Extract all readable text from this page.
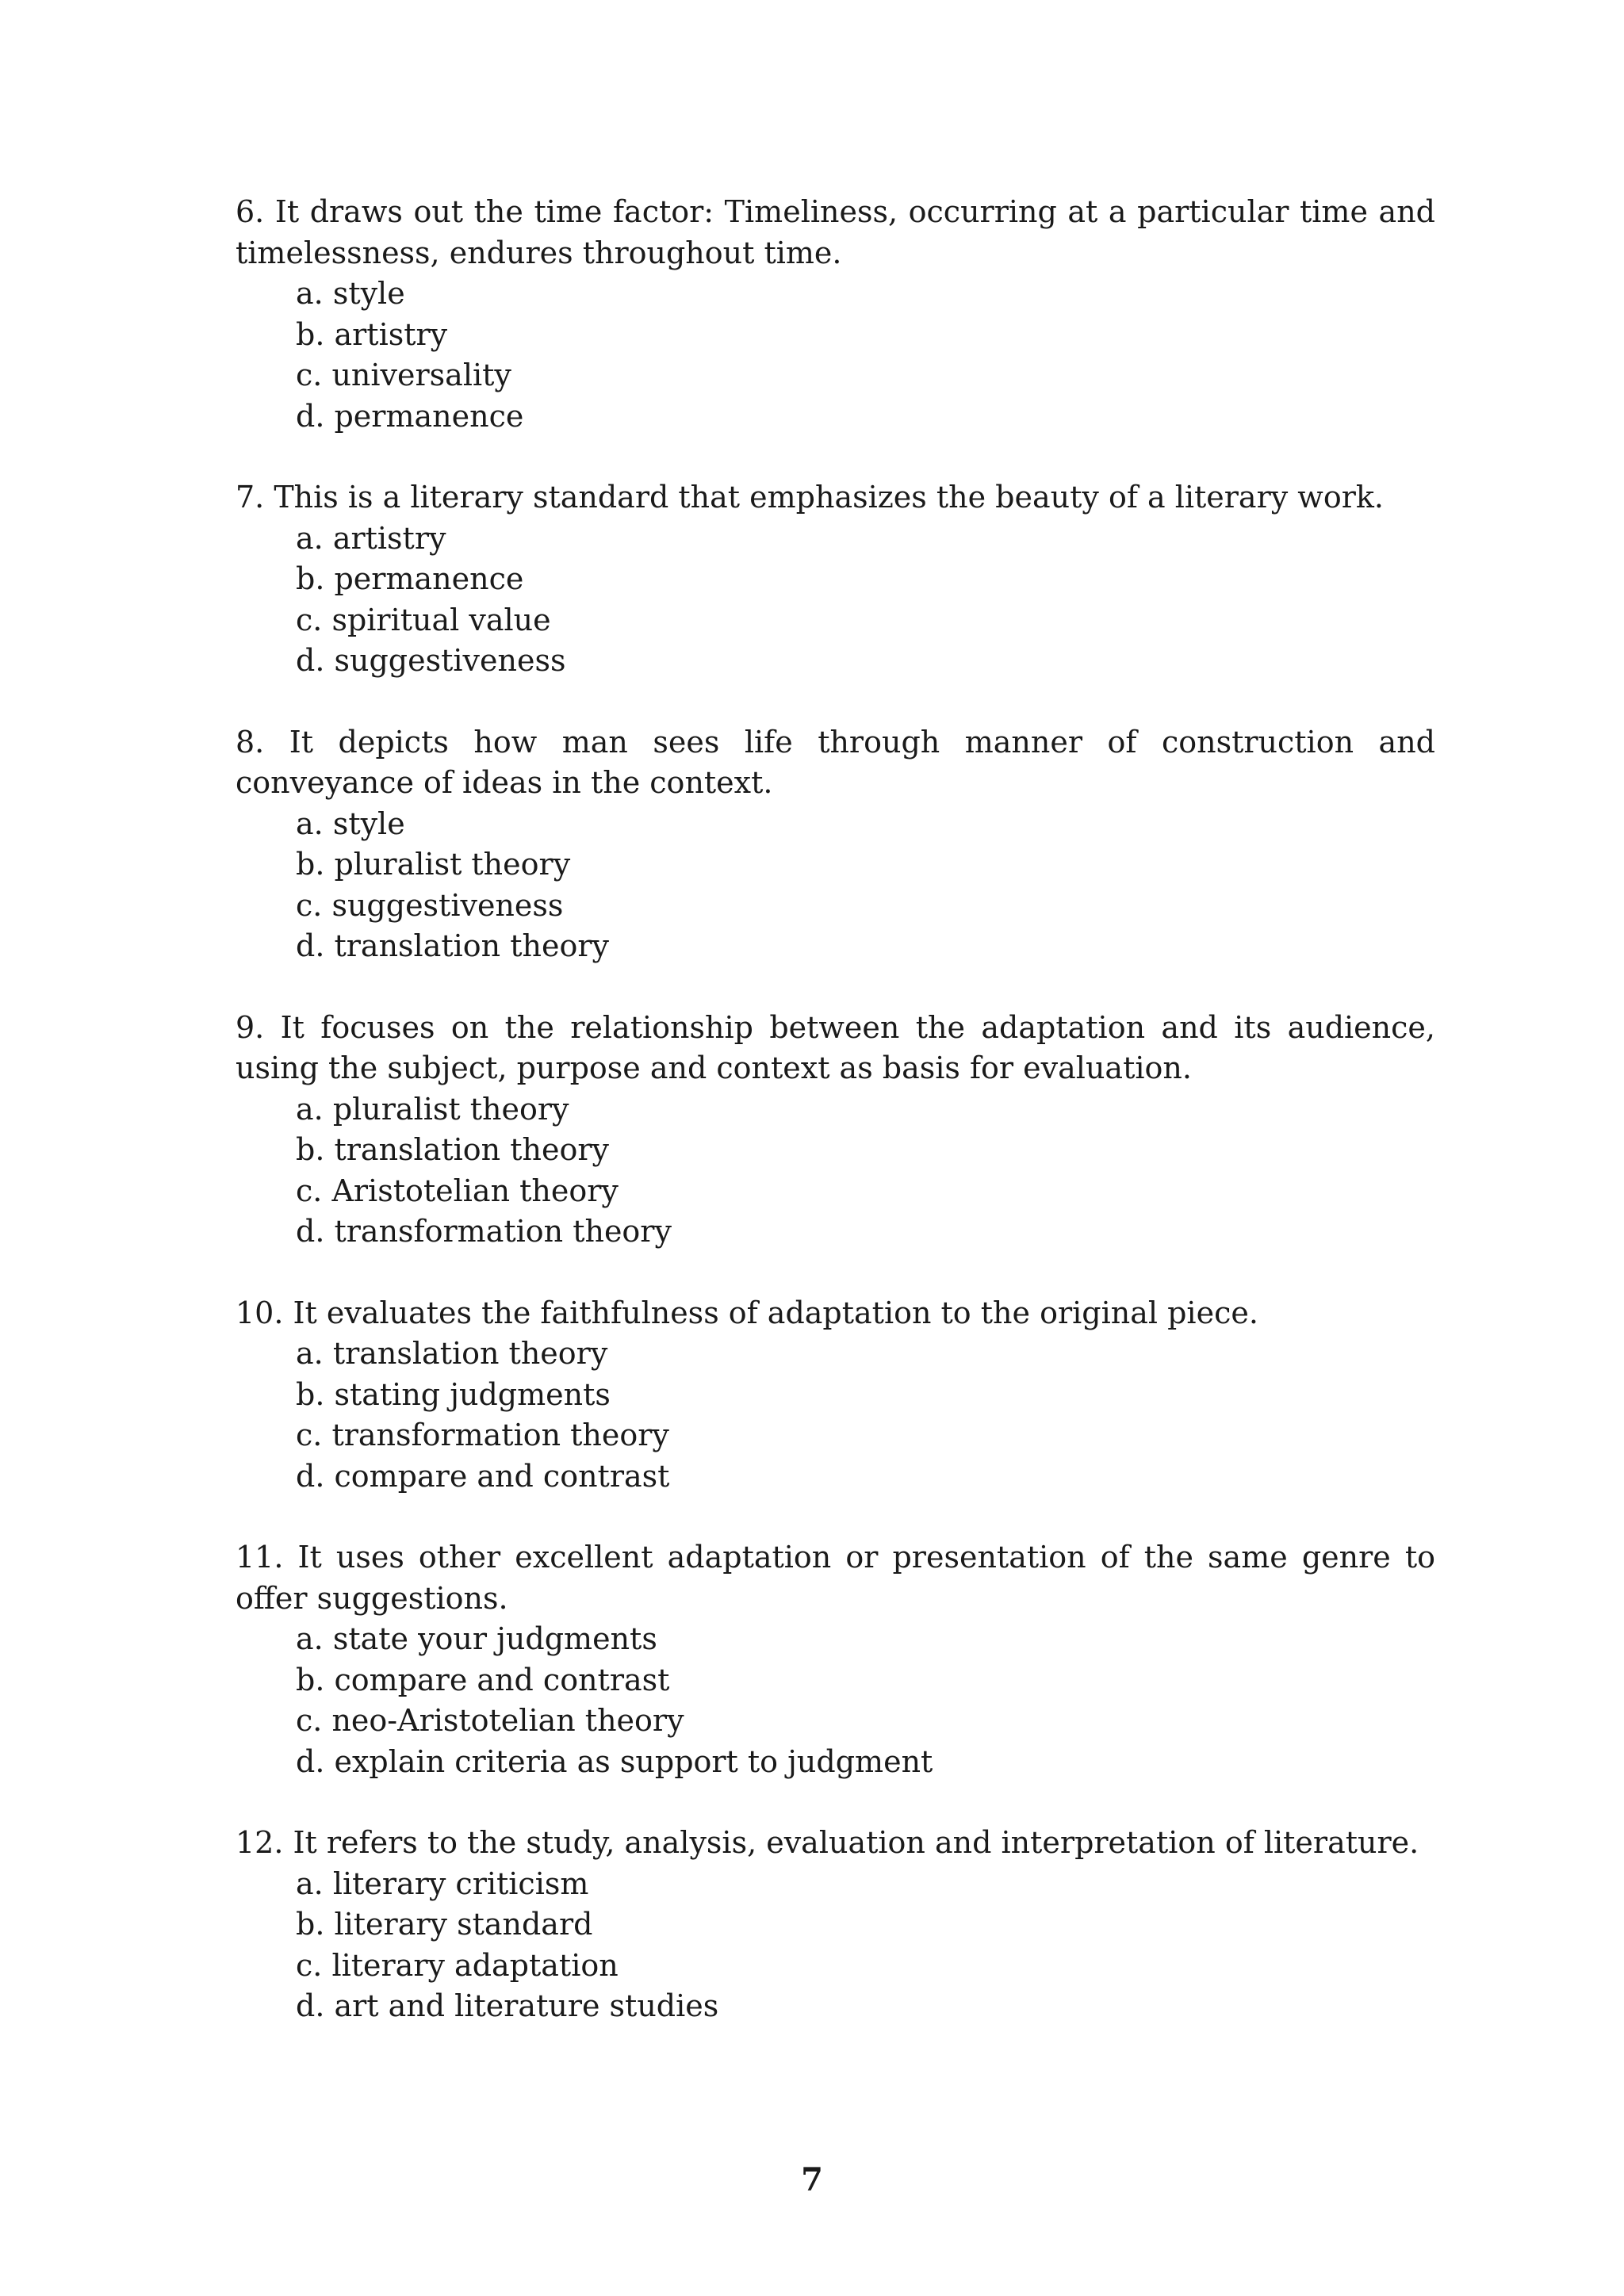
6. It draws out the time factor: Timeliness, occurring at a particular time and timelessness, endures throughout time.

a. style
b. artistry
c. universality
d. permanence

7. This is a literary standard that emphasizes the beauty of a literary work.

a. artistry
b. permanence
c. spiritual value
d. suggestiveness

8. It depicts how man sees life through manner of construction and conveyance of ideas in the context.

a. style
b. pluralist theory
c. suggestiveness
d. translation theory

9. It focuses on the relationship between the adaptation and its audience, using the subject, purpose and context as basis for evaluation.

a. pluralist theory
b. translation theory
c. Aristotelian theory
d. transformation theory

10. It evaluates the faithfulness of adaptation to the original piece.

a. translation theory
b. stating judgments
c. transformation theory
d. compare and contrast

11. It uses other excellent adaptation or presentation of the same genre to offer suggestions.

a. state your judgments
b. compare and contrast
c. neo-Aristotelian theory
d. explain criteria as support to judgment

12. It refers to the study, analysis, evaluation and interpretation of literature.

a. literary criticism
b. literary standard
c. literary adaptation
d. art and literature studies
7
